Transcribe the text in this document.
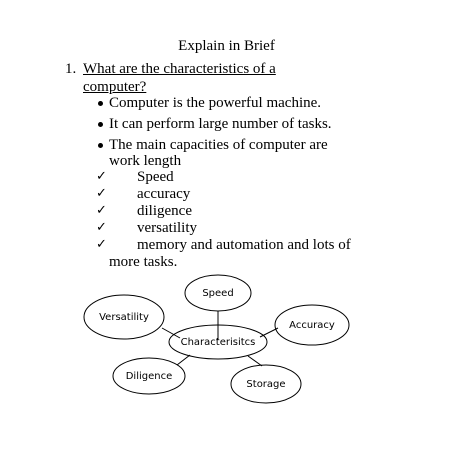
Explain in Brief
1. What are the characteristics of a
computer?
Computer is the powerful machine.
It can perform large number of tasks.
The main capacities of computer are
work length
✓ Speed
✓ accuracy
✓ diligence
✓ versatility
✓ memory and automation and lots of
more tasks.
Characterisitcs
Speed
Accuracy
Storage
Diligence
Versatility
